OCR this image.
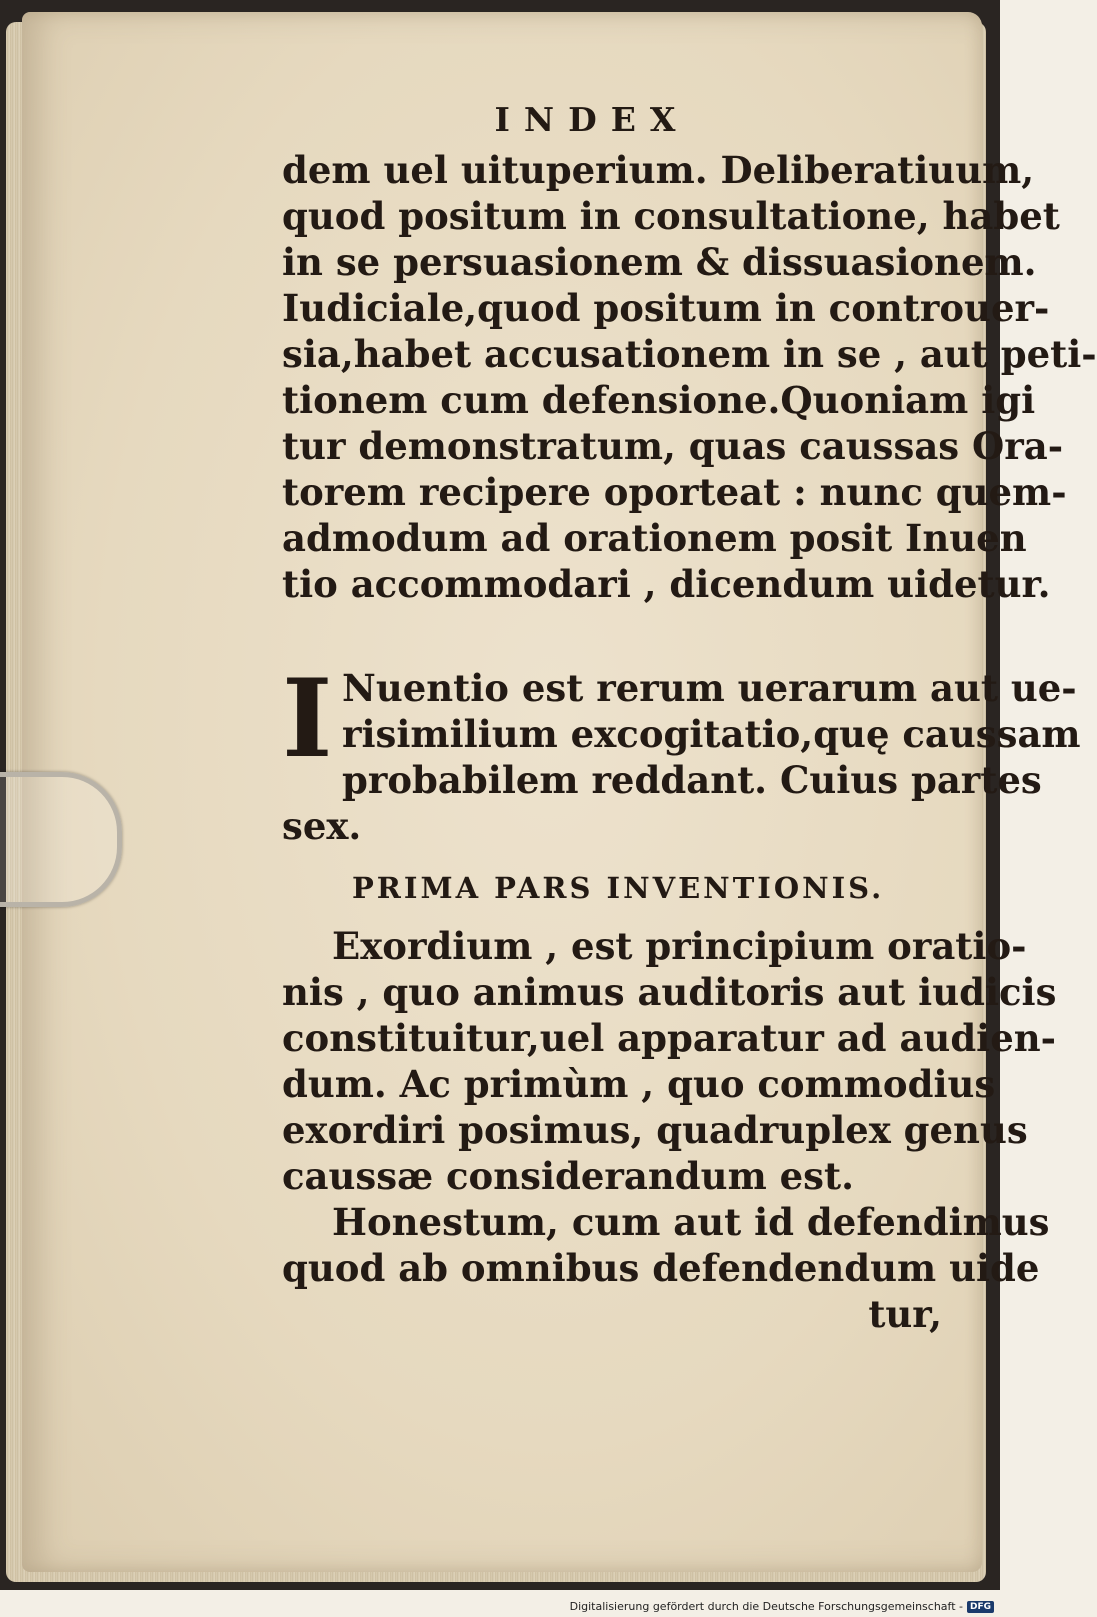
INDEX
dem uel uituperium. Deliberatiuum,
quod positum in consultatione, habet
in se persuasionem & dissuasionem.
Iudiciale,quod positum in controuer-
sia,habet accusationem in se , aut peti-
tionem cum defensione.Quoniam igi
tur demonstratum, quas caussas Ora-
torem recipere oporteat : nunc quem-
admodum ad orationem posit Inuen
tio accommodari , dicendum uidetur.
I Nuentio est rerum uerarum aut ue-
risimilium excogitatio,quę caussam
probabilem reddant. Cuius partes
sex.
PRIMA PARS INVENTIONIS.
Exordium , est principium oratio-
nis , quo animus auditoris aut iudicis
constituitur,uel apparatur ad audien-
dum. Ac primùm , quo commodius
exordiri posimus, quadruplex genus
caussæ considerandum est.
Honestum, cum aut id defendimus
quod ab omnibus defendendum uide
tur,
Digitalisierung gefördert durch die Deutsche Forschungsgemeinschaft - DFG
